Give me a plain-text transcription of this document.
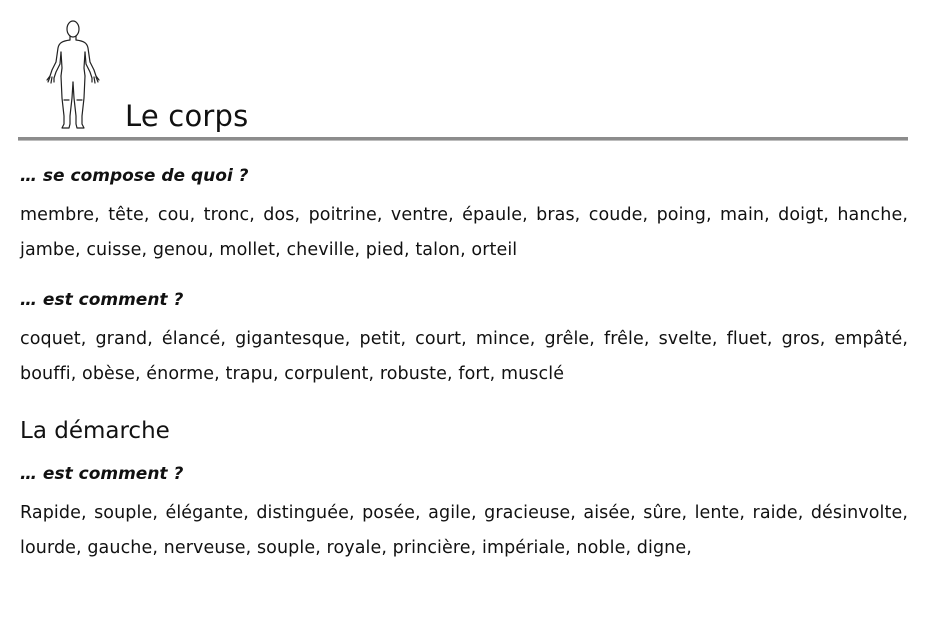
Le corps

… se compose de quoi ?

membre, tête, cou, tronc, dos, poitrine, ventre, épaule, bras, coude, poing, main, doigt, hanche, jambe, cuisse, genou, mollet, cheville, pied, talon, orteil

… est comment ?

coquet, grand, élancé, gigantesque, petit, court, mince, grêle, frêle, svelte, fluet, gros, empâté, bouffi, obèse, énorme, trapu, corpulent, robuste, fort, musclé

La démarche

… est comment ?

Rapide, souple, élégante, distinguée, posée, agile, gracieuse, aisée, sûre, lente, raide, désinvolte, lourde, gauche, nerveuse, souple, royale, princière, impériale, noble, digne,
